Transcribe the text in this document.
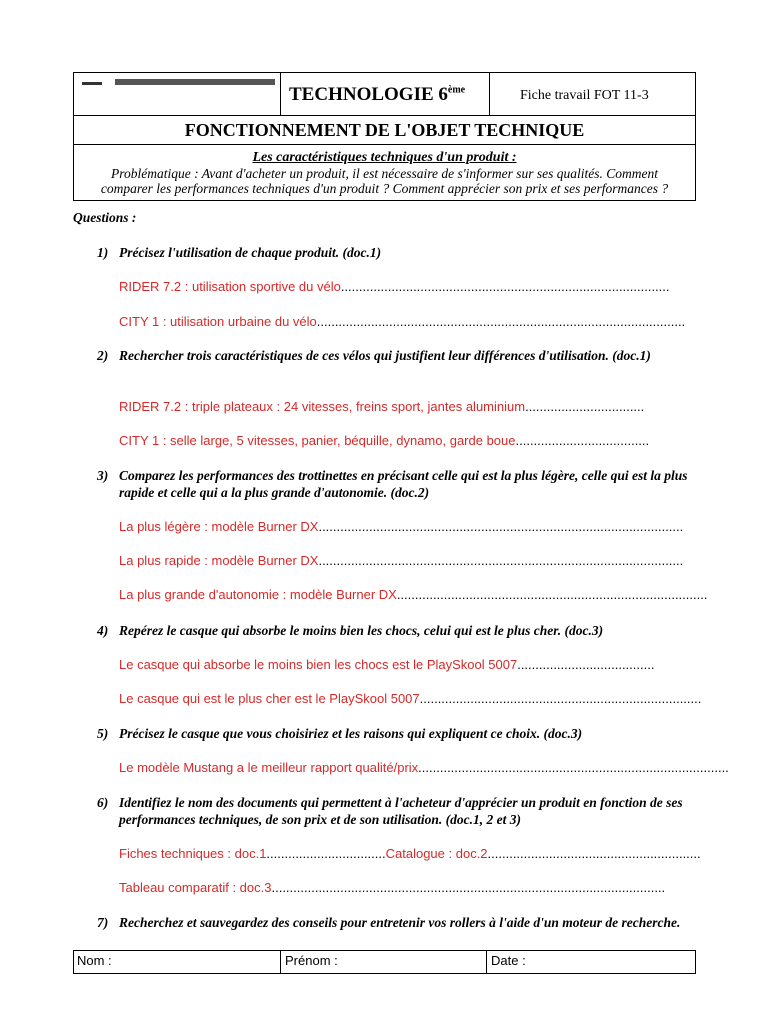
TECHNOLOGIE 6ème	Fiche travail FOT 11-3
FONCTIONNEMENT DE L'OBJET TECHNIQUE
Les caractéristiques techniques d'un produit :
Problématique : Avant d'acheter un produit, il est nécessaire de s'informer sur ses qualités. Comment
comparer les performances techniques d'un produit ? Comment apprécier son prix et ses performances ?
Questions :
1) Précisez l'utilisation de chaque produit. (doc.1)
RIDER 7.2 : utilisation sportive du vélo...........................................................................................
CITY 1 : utilisation urbaine du vélo......................................................................................................
2) Rechercher trois caractéristiques de ces vélos qui justifient leur différences d'utilisation. (doc.1)
RIDER 7.2 : triple plateaux : 24 vitesses, freins sport, jantes aluminium.................................
CITY 1 : selle large, 5 vitesses, panier, béquille, dynamo, garde boue.....................................
3) Comparez les performances des trottinettes en précisant celle qui est la plus légère, celle qui est la plus rapide et celle qui a la plus grande d'autonomie. (doc.2)
La plus légère : modèle Burner DX.....................................................................................................
La plus rapide : modèle Burner DX.....................................................................................................
La plus grande d'autonomie : modèle Burner DX......................................................................................
4) Repérez le casque qui absorbe le moins bien les chocs, celui qui est le plus cher. (doc.3)
Le casque qui absorbe le moins bien les chocs est le PlaySkool 5007......................................
Le casque qui est le plus cher est le PlaySkool 5007..............................................................................
5) Précisez le casque que vous choisiriez et les raisons qui expliquent ce choix. (doc.3)
Le modèle Mustang a le meilleur rapport qualité/prix......................................................................................
6) Identifiez le nom des documents qui permettent à l'acheteur d'apprécier un produit en fonction de ses performances techniques, de son prix et de son utilisation. (doc.1, 2 et 3)
Fiches techniques : doc.1.................................Catalogue : doc.2...........................................................
Tableau comparatif : doc.3.............................................................................................................
7) Recherchez et sauvegardez des conseils pour entretenir vos rollers à l'aide d'un moteur de recherche.
Nom :	Prénom :	Date :
